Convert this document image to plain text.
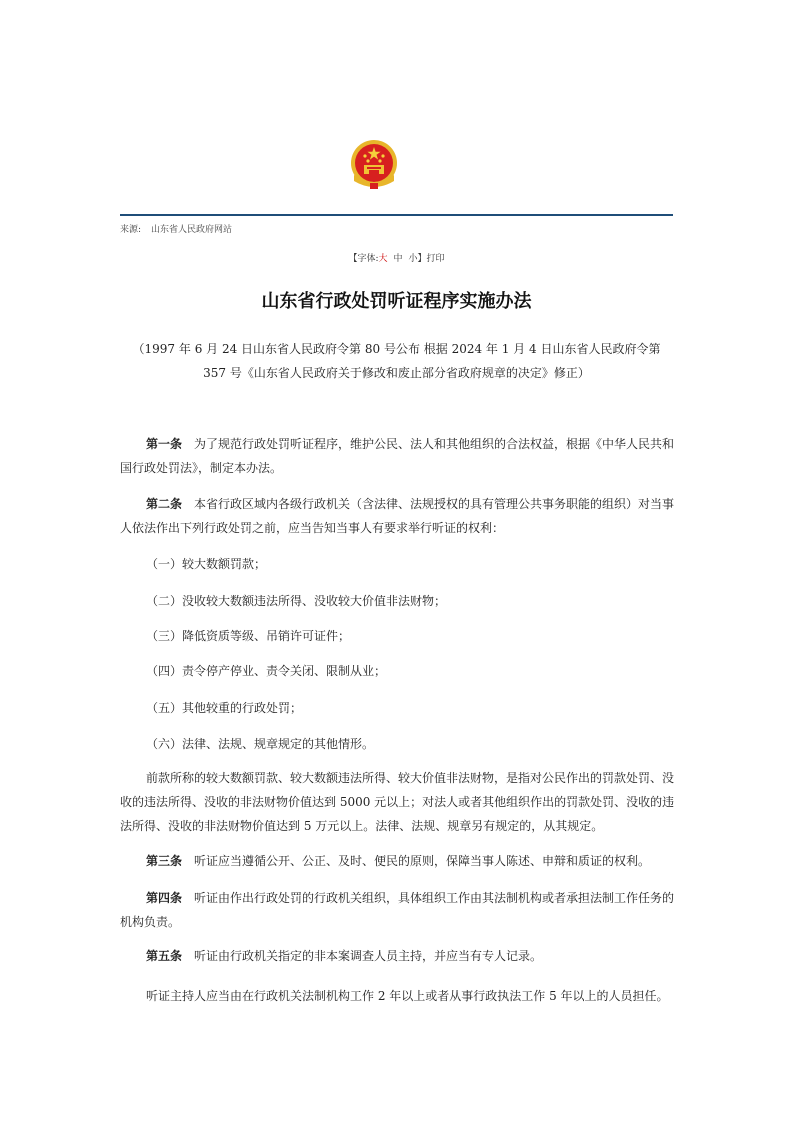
来源: 山东省人民政府网站
【字体:大 中 小】打印
山东省行政处罚听证程序实施办法
（1997 年 6 月 24 日山东省人民政府令第 80 号公布 根据 2024 年 1 月 4 日山东省人民政府令第 357 号《山东省人民政府关于修改和废止部分省政府规章的决定》修正）

第一条　 为了规范行政处罚听证程序，维护公民、法人和其他组织的合法权益，根据《中华人民共和国行政处罚法》，制定本办法。

第二条　 本省行政区域内各级行政机关（含法律、法规授权的具有管理公共事务职能的组织）对当事人依法作出下列行政处罚之前，应当告知当事人有要求举行听证的权利：

（一）较大数额罚款；

（二）没收较大数额违法所得、没收较大价值非法财物；

（三）降低资质等级、吊销许可证件；

（四）责令停产停业、责令关闭、限制从业；

（五）其他较重的行政处罚；

（六）法律、法规、规章规定的其他情形。

前款所称的较大数额罚款、较大数额违法所得、较大价值非法财物，是指对公民作出的罚款处罚、没收的违法所得、没收的非法财物价值达到 5000 元以上；对法人或者其他组织作出的罚款处罚、没收的违法所得、没收的非法财物价值达到 5 万元以上。法律、法规、规章另有规定的，从其规定。

第三条　 听证应当遵循公开、公正、及时、便民的原则，保障当事人陈述、申辩和质证的权利。

第四条　 听证由作出行政处罚的行政机关组织，具体组织工作由其法制机构或者承担法制工作任务的机构负责。

第五条　 听证由行政机关指定的非本案调查人员主持，并应当有专人记录。

听证主持人应当由在行政机关法制机构工作 2 年以上或者从事行政执法工作 5 年以上的人员担任。
